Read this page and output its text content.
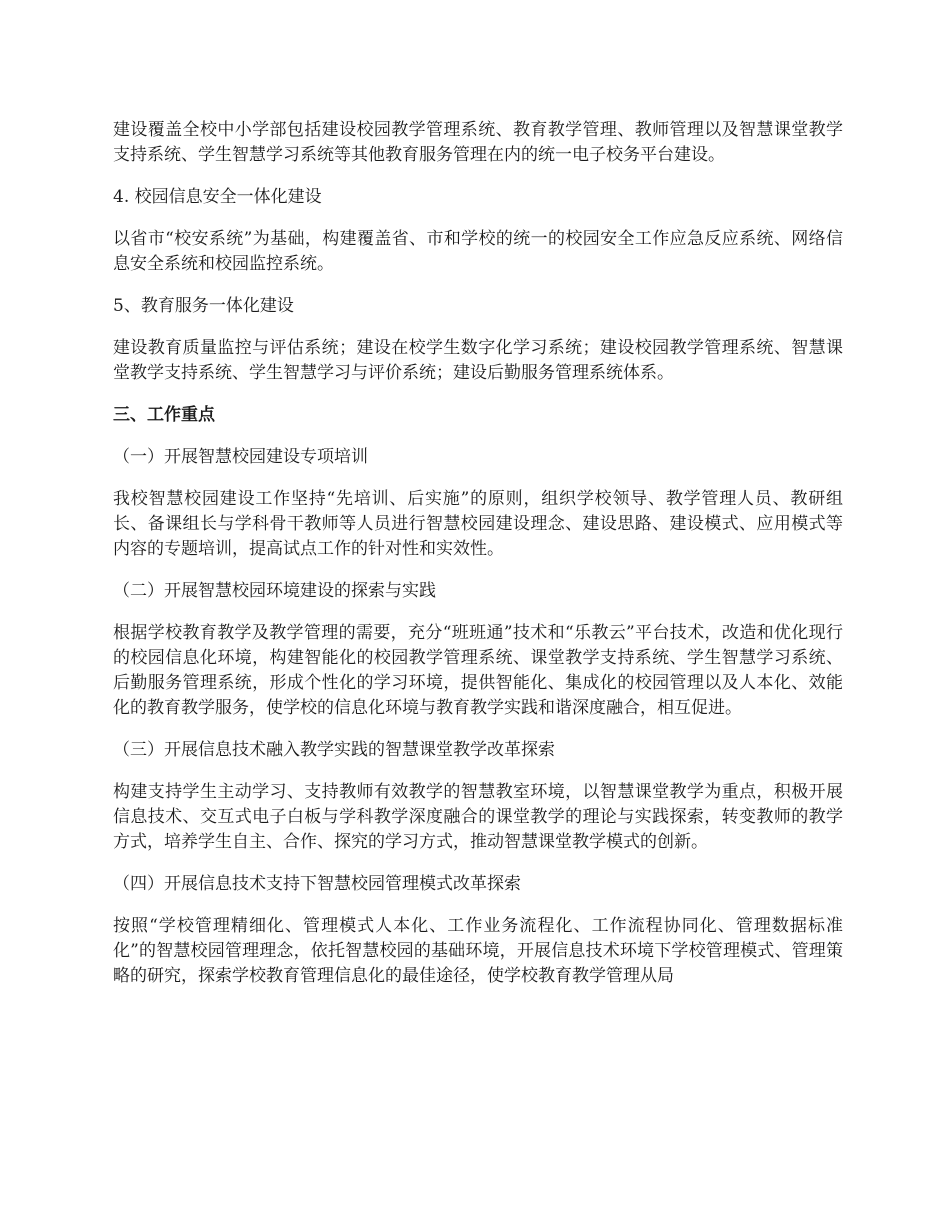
建设覆盖全校中小学部包括建设校园教学管理系统、教育教学管理、教师管理以及智慧课堂教学支持系统、学生智慧学习系统等其他教育服务管理在内的统一电子校务平台建设。

4. 校园信息安全一体化建设

以省市“校安系统”为基础，构建覆盖省、市和学校的统一的校园安全工作应急反应系统、网络信息安全系统和校园监控系统。

5、教育服务一体化建设

建设教育质量监控与评估系统；建设在校学生数字化学习系统；建设校园教学管理系统、智慧课堂教学支持系统、学生智慧学习与评价系统；建设后勤服务管理系统体系。

三、工作重点

（一）开展智慧校园建设专项培训

我校智慧校园建设工作坚持“先培训、后实施”的原则，组织学校领导、教学管理人员、教研组长、备课组长与学科骨干教师等人员进行智慧校园建设理念、建设思路、建设模式、应用模式等内容的专题培训，提高试点工作的针对性和实效性。

（二）开展智慧校园环境建设的探索与实践

根据学校教育教学及教学管理的需要，充分“班班通”技术和“乐教云”平台技术，改造和优化现行的校园信息化环境，构建智能化的校园教学管理系统、课堂教学支持系统、学生智慧学习系统、后勤服务管理系统，形成个性化的学习环境，提供智能化、集成化的校园管理以及人本化、效能化的教育教学服务，使学校的信息化环境与教育教学实践和谐深度融合，相互促进。

（三）开展信息技术融入教学实践的智慧课堂教学改革探索

构建支持学生主动学习、支持教师有效教学的智慧教室环境，以智慧课堂教学为重点，积极开展信息技术、交互式电子白板与学科教学深度融合的课堂教学的理论与实践探索，转变教师的教学方式，培养学生自主、合作、探究的学习方式，推动智慧课堂教学模式的创新。

（四）开展信息技术支持下智慧校园管理模式改革探索

按照“学校管理精细化、管理模式人本化、工作业务流程化、工作流程协同化、管理数据标准化”的智慧校园管理理念，依托智慧校园的基础环境，开展信息技术环境下学校管理模式、管理策略的研究，探索学校教育管理信息化的最佳途径，使学校教育教学管理从局
